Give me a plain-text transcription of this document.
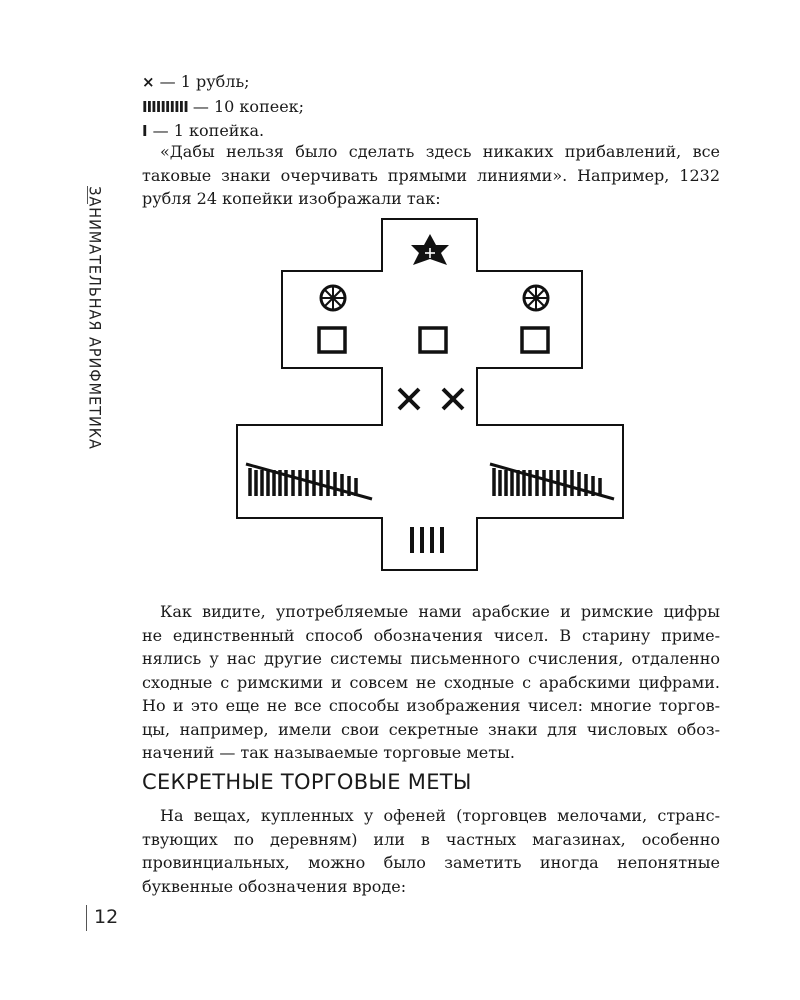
ЗАНИМАТЕЛЬНАЯ АРИФМЕТИКА
× — 1 рубль;
IIIIIIIIII — 10 копеек;
I — 1 копейка.
«Дабы нельзя было сделать здесь никаких прибавлений, все
таковые знаки очерчивать прямыми линиями». Например, 1232
рубля 24 копейки изображали так:
Как видите, употребляемые нами арабские и римские цифры
не единственный способ обозначения чисел. В старину приме-
нялись у нас другие системы письменного счисления, отдаленно
сходные с римскими и совсем не сходные с арабскими цифрами.
Но и это еще не все способы изображения чисел: многие торгов-
цы, например, имели свои секретные знаки для числовых обоз-
начений — так называемые торговые меты.
СЕКРЕТНЫЕ ТОРГОВЫЕ МЕТЫ
На вещах, купленных у офеней (торговцев мелочами, странс-
твующих по деревням) или в частных магазинах, особенно
провинциальных, можно было заметить иногда непонятные
буквенные обозначения вроде:
12
